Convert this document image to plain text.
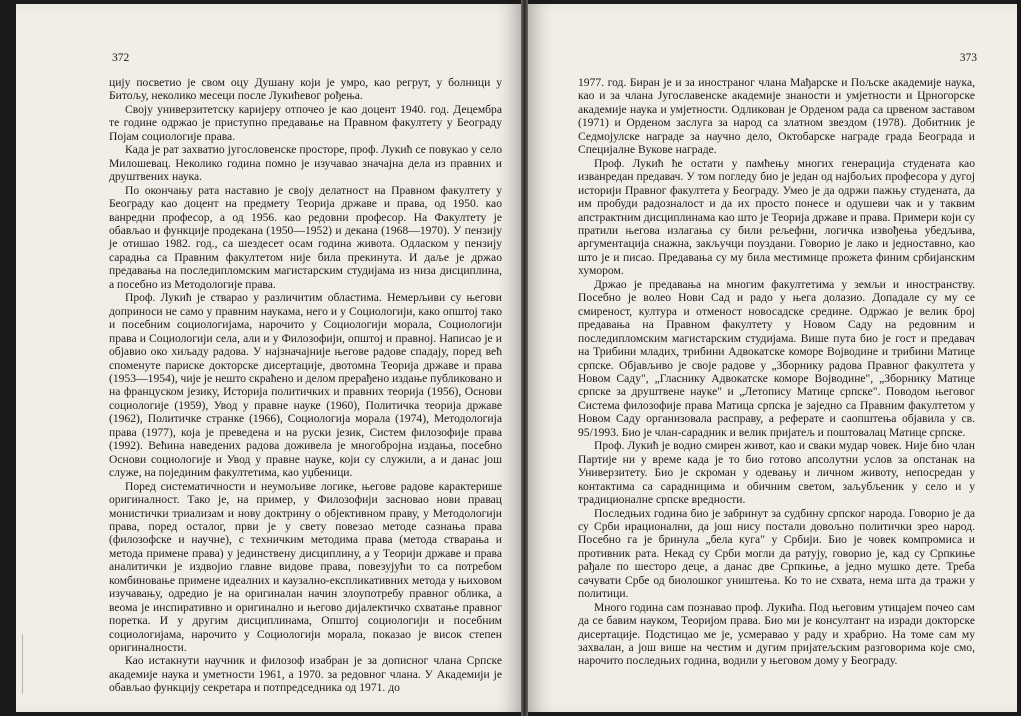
372

цију посветио је свом оцу Душану који је умро, као регрут, у болници у Битољу, неколико месеци после Лукићевог рођења.

Своју универзитетску каријеру отпочео је као доцент 1940. год. Децембра те године одржао је приступно предавање на Правном факултету у Београду Појам социологије права.

Када је рат захватио југословенске просторе, проф. Лукић се повукао у село Милошевац. Неколико година помно је изучавао значајна дела из правних и друштвених наука.

По окончању рата наставио је своју делатност на Правном факултету у Београду као доцент на предмету Теорија државе и права, од 1950. као ванредни професор, а од 1956. као редовни професор. На Факултету је обављао и функције продекана (1950—1952) и декана (1968—1970). У пензију је отишао 1982. год., са шездесет осам година живота. Одласком у пензију сарадња са Правним факултетом није била прекинута. И даље је држао предавања на последипломским магистарским студијама из низа дисциплина, а посебно из Методологије права.

Проф. Лукић је стварао у различитим областима. Немерљиви су његови доприноси не само у правним наукама, него и у Социологији, како општој тако и посебним социологијама, нарочито у Социологији морала, Социологији права и Социологији села, али и у Филозофији, општој и правној. Написао је и објавио око хиљаду радова. У најзначајније његове радове спадају, поред већ споменуте париске докторске дисертације, двотомна Теорија државе и права (1953—1954), чије је нешто скраћено и делом прерађено издање публиковано и на француском језику, Историја политичких и правних теорија (1956), Основи социологије (1959), Увод у правне науке (1960), Политичка теорија државе (1962), Политичке странке (1966), Социологија морала (1974), Методологија права (1977), која је преведена и на руски језик, Систем филозофије права (1992). Већина наведених радова доживела је многобројна издања, посебно Основи социологије и Увод у правне науке, који су служили, а и данас још служе, на појединим факултетима, као уџбеници.

Поред систематичности и неумољиве логике, његове радове карактерише оригиналност. Тако је, на пример, у Филозофији засновао нови правац монистички триализам и нову доктрину о објективном праву, у Методологији права, поред осталог, први је у свету повезао методе сазнања права (филозофске и научне), с техничким методима права (метода стварања и метода примене права) у јединствену дисциплину, а у Теорији државе и права аналитички је издвојио главне видове права, повезујући то са потребом комбиновање примене идеалних и каузално-експликативних метода у њиховом изучавању, одредио је на оригиналан начин злоупотребу правног облика, а веома је инспиративно и оригинално и његово дијалектичко схватање правног поретка. И у другим дисциплинама, Општој социологији и посебним социологијама, нарочито у Социологији морала, показао је висок степен оригиналности.

Као истакнути научник и филозоф изабран је за дописног члана Српске академије наука и уметности 1961, а 1970. за редовног члана. У Академији је обављао функцију секретара и потпредседника од 1971. до

373

1977. год. Биран је и за иностраног члана Мађарске и Пољске академије наука, као и за члана Југославенске академије знаности и умјетности и Црногорске академије наука и умјетности. Одликован је Орденом рада са црвеном заставом (1971) и Орденом заслуга за народ са златном звездом (1978). Добитник је Седмојулске награде за научно дело, Октобарске награде града Београда и Специјалне Вукове награде.

Проф. Лукић ће остати у памћењу многих генерација студената као изванредан предавач. У том погледу био је један од најбољих професора у дугој историји Правног факултета у Београду. Умео је да одржи пажњу студената, да им пробуди радозналост и да их просто понесе и одушеви чак и у таквим апстрактним дисциплинама као што је Теорија државе и права. Примери који су пратили његова излагања су били рељефни, логичка извођења убедљива, аргументација снажна, закључци поуздани. Говорио је лако и једноставно, као што је и писао. Предавања су му била местимице прожета финим србијанским хумором.

Држао је предавања на многим факултетима у земљи и иностранству. Посебно је волео Нови Сад и радо у њега долазио. Допадале су му се смиреност, култура и отменост новосадске средине. Одржао је велик број предавања на Правном факултету у Новом Саду на редовним и последипломским магистарским студијама. Више пута био је гост и предавач на Трибини младих, трибини Адвокатске коморе Војводине и трибини Матице српске. Објављиво је своје радове у „Зборнику радова Правног факултета у Новом Саду", „Гласнику Адвокатске коморе Војводине", „Зборнику Матице српске за друштвене науке" и „Летопису Матице српске". Поводом његовог Система филозофије права Матица српска је заједно са Правним факултетом у Новом Саду организовала расправу, а реферате и саопштења објавила у св. 95/1993. Био је члан-сарадник и велик пријатељ и поштовалац Матице српске.

Проф. Лукић је водио смирен живот, као и сваки мудар човек. Није био члан Партије ни у време када је то био готово апсолутни услов за опстанак на Универзитету. Био је скроман у одевању и личном животу, непосредан у контактима са сарадницима и обичним светом, заљубљеник у село и у традиционалне српске вредности.

Последњих година био је забринут за судбину српског народа. Говорио је да су Срби ирационални, да још нису постали довољно политички зрео народ. Посебно га је бринула „бела куга" у Србији. Био је човек компромиса и противник рата. Некад су Срби могли да ратују, говорио је, кад су Српкиње рађале по шесторо деце, а данас две Српкиње, а једно мушко дете. Треба сачувати Србе од биолошког уништења. Ко то не схвата, нема шта да тражи у политици.

Много година сам познавао проф. Лукића. Под његовим утицајем почео сам да се бавим науком, Теоријом права. Био ми је консултант на изради докторске дисертације. Подстицао ме је, усмеравао у раду и храбрио. На томе сам му захвалан, а још више на честим и дугим пријатељским разговорима које смо, нарочито последњих година, водили у његовом дому у Београду.
